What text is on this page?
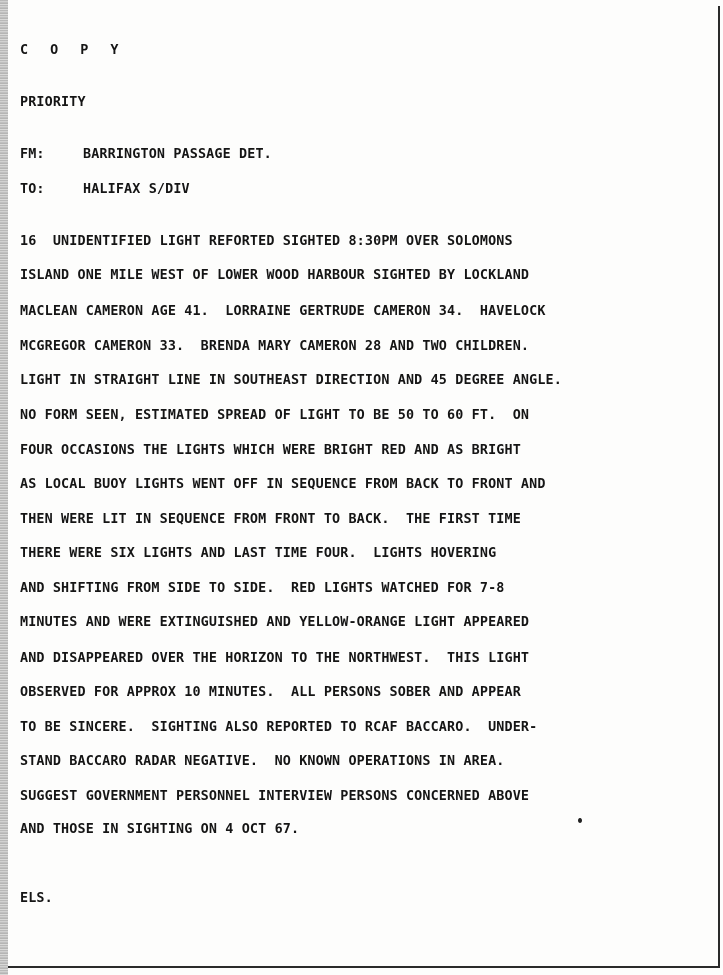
C O P Y

PRIORITY

FM:	BARRINGTON PASSAGE DET.

TO:	HALIFAX S/DIV

16  UNIDENTIFIED LIGHT REFORTED SIGHTED 8:30PM OVER SOLOMONS

ISLAND ONE MILE WEST OF LOWER WOOD HARBOUR SIGHTED BY LOCKLAND

MACLEAN CAMERON AGE 41.  LORRAINE GERTRUDE CAMERON 34.  HAVELOCK

MCGREGOR CAMERON 33.  BRENDA MARY CAMERON 28 AND TWO CHILDREN.

LIGHT IN STRAIGHT LINE IN SOUTHEAST DIRECTION AND 45 DEGREE ANGLE.

NO FORM SEEN, ESTIMATED SPREAD OF LIGHT TO BE 50 TO 60 FT.  ON

FOUR OCCASIONS THE LIGHTS WHICH WERE BRIGHT RED AND AS BRIGHT

AS LOCAL BUOY LIGHTS WENT OFF IN SEQUENCE FROM BACK TO FRONT AND

THEN WERE LIT IN SEQUENCE FROM FRONT TO BACK.  THE FIRST TIME

THERE WERE SIX LIGHTS AND LAST TIME FOUR.  LIGHTS HOVERING

AND SHIFTING FROM SIDE TO SIDE.  RED LIGHTS WATCHED FOR 7-8

MINUTES AND WERE EXTINGUISHED AND YELLOW-ORANGE LIGHT APPEARED

AND DISAPPEARED OVER THE HORIZON TO THE NORTHWEST.  THIS LIGHT

OBSERVED FOR APPROX 10 MINUTES.  ALL PERSONS SOBER AND APPEAR

TO BE SINCERE.  SIGHTING ALSO REPORTED TO RCAF BACCARO.  UNDER-

STAND BACCARO RADAR NEGATIVE.  NO KNOWN OPERATIONS IN AREA.

SUGGEST GOVERNMENT PERSONNEL INTERVIEW PERSONS CONCERNED ABOVE

AND THOSE IN SIGHTING ON 4 OCT 67.

ELS.
